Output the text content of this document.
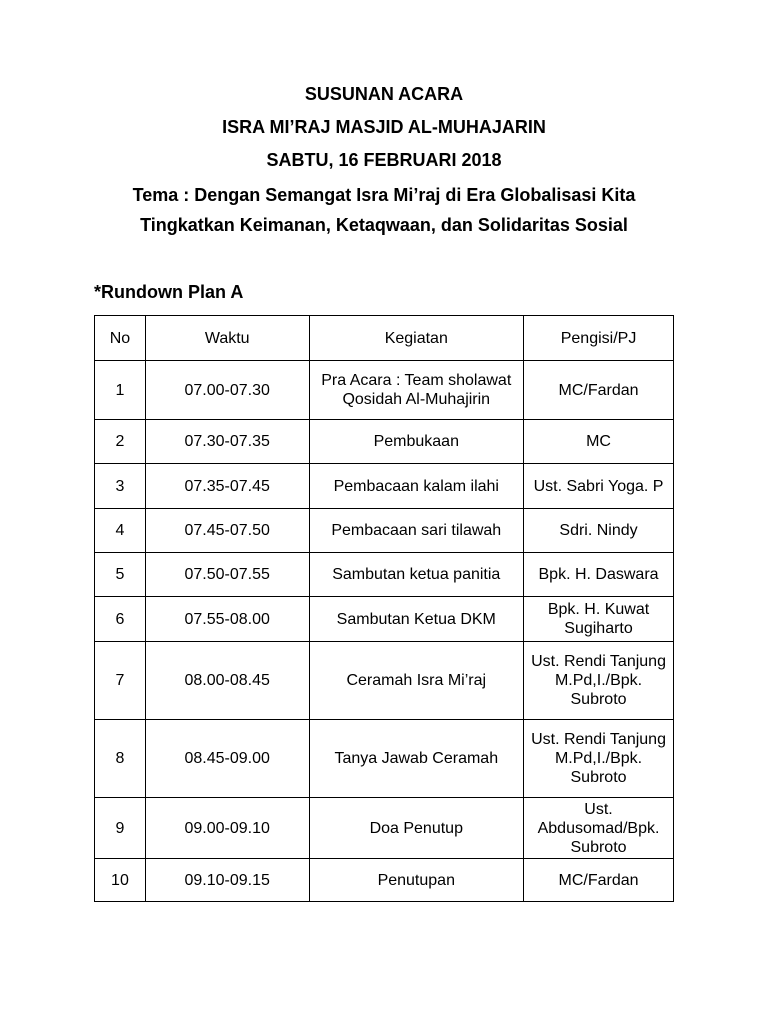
SUSUNAN ACARA
ISRA MI’RAJ MASJID AL-MUHAJARIN
SABTU, 16 FEBRUARI 2018
Tema : Dengan Semangat Isra Mi’raj di Era Globalisasi Kita
Tingkatkan Keimanan, Ketaqwaan, dan Solidaritas Sosial
*Rundown Plan A
No	Waktu	Kegiatan	Pengisi/PJ
1	07.00-07.30	Pra Acara : Team sholawat Qosidah Al-Muhajirin	MC/Fardan
2	07.30-07.35	Pembukaan	MC
3	07.35-07.45	Pembacaan kalam ilahi	Ust. Sabri Yoga. P
4	07.45-07.50	Pembacaan sari tilawah	Sdri. Nindy
5	07.50-07.55	Sambutan ketua panitia	Bpk. H. Daswara
6	07.55-08.00	Sambutan Ketua DKM	Bpk. H. Kuwat Sugiharto
7	08.00-08.45	Ceramah Isra Mi’raj	Ust. Rendi Tanjung M.Pd,I./Bpk. Subroto
8	08.45-09.00	Tanya Jawab Ceramah	Ust. Rendi Tanjung M.Pd,I./Bpk. Subroto
9	09.00-09.10	Doa Penutup	Ust. Abdusomad/Bpk. Subroto
10	09.10-09.15	Penutupan	MC/Fardan
